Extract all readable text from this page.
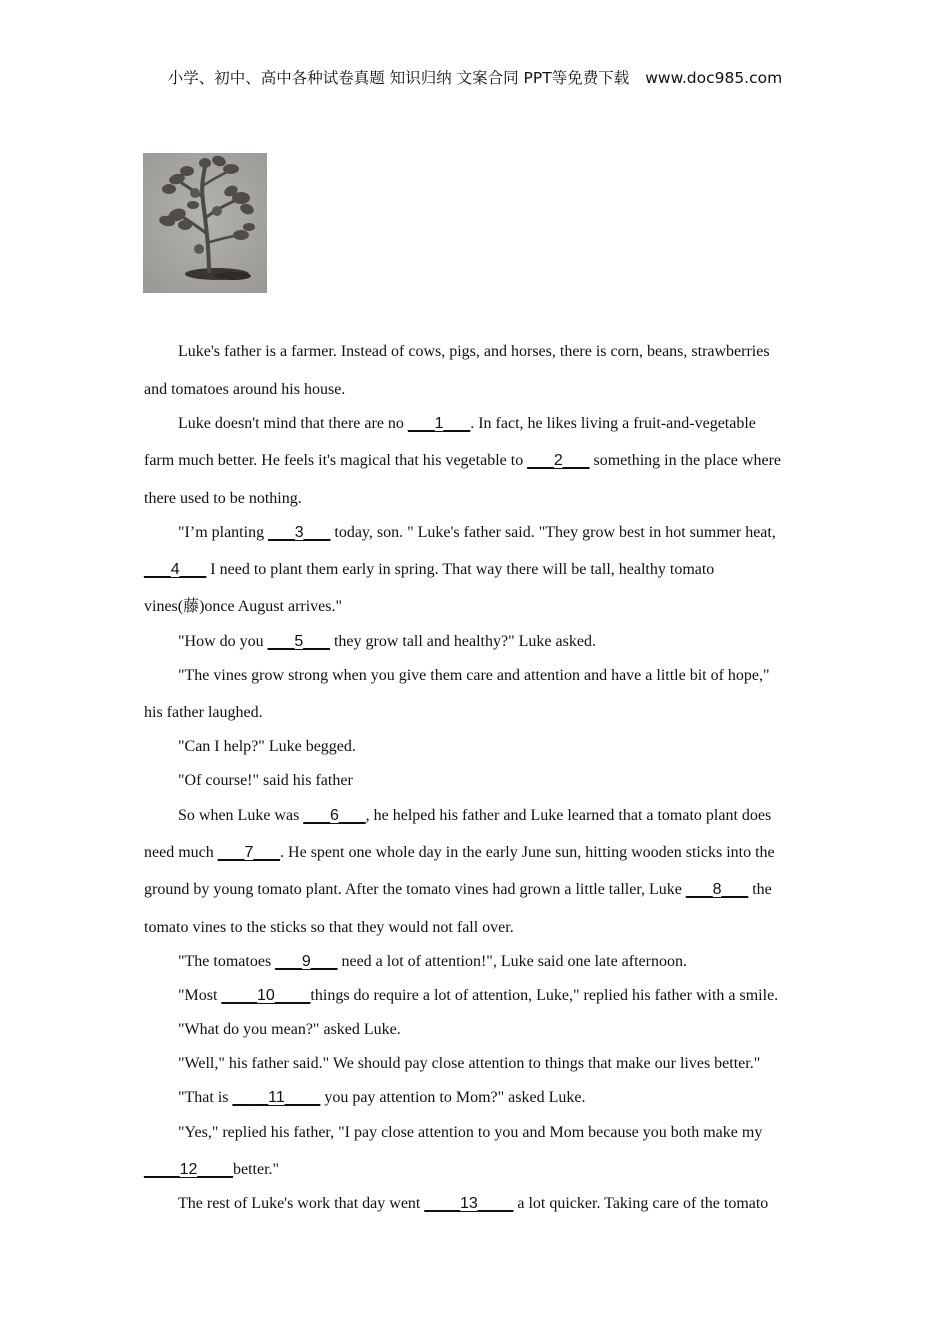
小学、初中、高中各种试卷真题 知识归纳 文案合同 PPT等免费下载 www.doc985.com
Luke's father is a farmer. Instead of cows, pigs, and horses, there is corn, beans, strawberries
and tomatoes around his house.
Luke doesn't mind that there are no ___1___. In fact, he likes living a fruit-and-vegetable
farm much better. He feels it's magical that his vegetable to ___2___ something in the place where
there used to be nothing.
"I’m planting ___3___ today, son. " Luke's father said. "They grow best in hot summer heat,
___4___ I need to plant them early in spring. That way there will be tall, healthy tomato
vines(藤)once August arrives."
"How do you ___5___ they grow tall and healthy?" Luke asked.
"The vines grow strong when you give them care and attention and have a little bit of hope,"
his father laughed.
"Can I help?" Luke begged.
"Of course!" said his father
So when Luke was ___6___, he helped his father and Luke learned that a tomato plant does
need much ___7___. He spent one whole day in the early June sun, hitting wooden sticks into the
ground by young tomato plant. After the tomato vines had grown a little taller, Luke ___8___ the
tomato vines to the sticks so that they would not fall over.
"The tomatoes ___9___ need a lot of attention!", Luke said one late afternoon.
"Most ____10____things do require a lot of attention, Luke," replied his father with a smile.
"What do you mean?" asked Luke.
"Well," his father said." We should pay close attention to things that make our lives better."
"That is ____11____ you pay attention to Mom?" asked Luke.
"Yes," replied his father, "I pay close attention to you and Mom because you both make my
____12____better."
The rest of Luke's work that day went ____13____ a lot quicker. Taking care of the tomato
